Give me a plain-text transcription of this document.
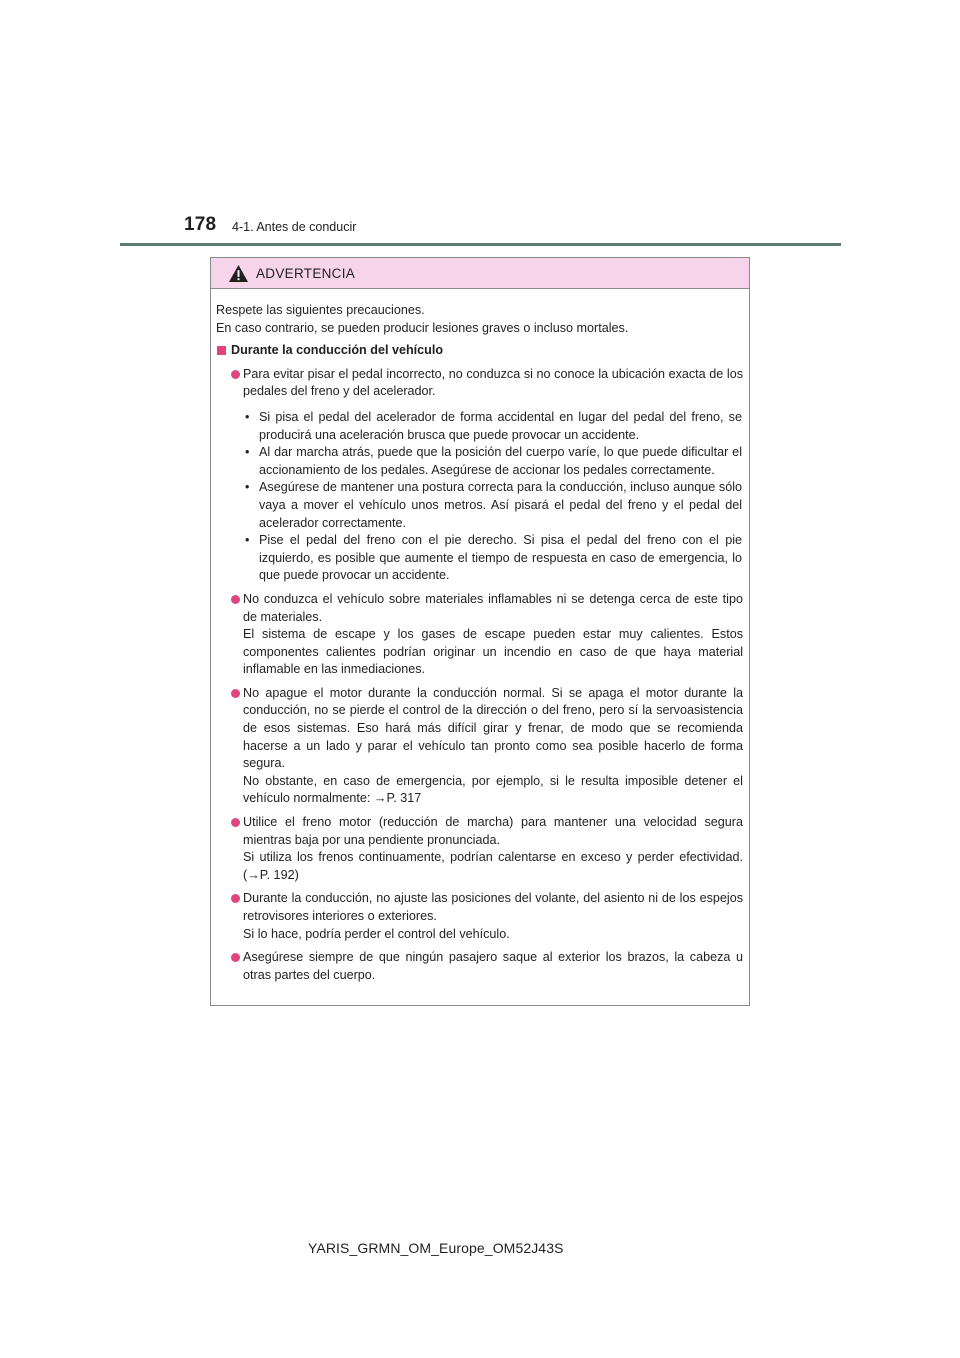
178 4-1. Antes de conducir
ADVERTENCIA

Respete las siguientes precauciones.

En caso contrario, se pueden producir lesiones graves o incluso mortales.

Durante la conducción del vehículo

Para evitar pisar el pedal incorrecto, no conduzca si no conoce la ubicación exacta de los pedales del freno y del acelerador.

• Si pisa el pedal del acelerador de forma accidental en lugar del pedal del freno, se producirá una aceleración brusca que puede provocar un accidente.
• Al dar marcha atrás, puede que la posición del cuerpo varíe, lo que puede dificultar el accionamiento de los pedales. Asegúrese de accionar los pedales correctamente.
• Asegúrese de mantener una postura correcta para la conducción, incluso aunque sólo vaya a mover el vehículo unos metros. Así pisará el pedal del freno y el pedal del acelerador correctamente.
• Pise el pedal del freno con el pie derecho. Si pisa el pedal del freno con el pie izquierdo, es posible que aumente el tiempo de respuesta en caso de emergencia, lo que puede provocar un accidente.

No conduzca el vehículo sobre materiales inflamables ni se detenga cerca de este tipo de materiales.

El sistema de escape y los gases de escape pueden estar muy calientes. Estos componentes calientes podrían originar un incendio en caso de que haya material inflamable en las inmediaciones.

No apague el motor durante la conducción normal. Si se apaga el motor durante la conducción, no se pierde el control de la dirección o del freno, pero sí la servoasistencia de esos sistemas. Eso hará más difícil girar y frenar, de modo que se recomienda hacerse a un lado y parar el vehículo tan pronto como sea posible hacerlo de forma segura.

No obstante, en caso de emergencia, por ejemplo, si le resulta imposible detener el vehículo normalmente: →P. 317

Utilice el freno motor (reducción de marcha) para mantener una velocidad segura mientras baja por una pendiente pronunciada.

Si utiliza los frenos continuamente, podrían calentarse en exceso y perder efectividad. (→P. 192)

Durante la conducción, no ajuste las posiciones del volante, del asiento ni de los espejos retrovisores interiores o exteriores.

Si lo hace, podría perder el control del vehículo.

Asegúrese siempre de que ningún pasajero saque al exterior los brazos, la cabeza u otras partes del cuerpo.

YARIS_GRMN_OM_Europe_OM52J43S
